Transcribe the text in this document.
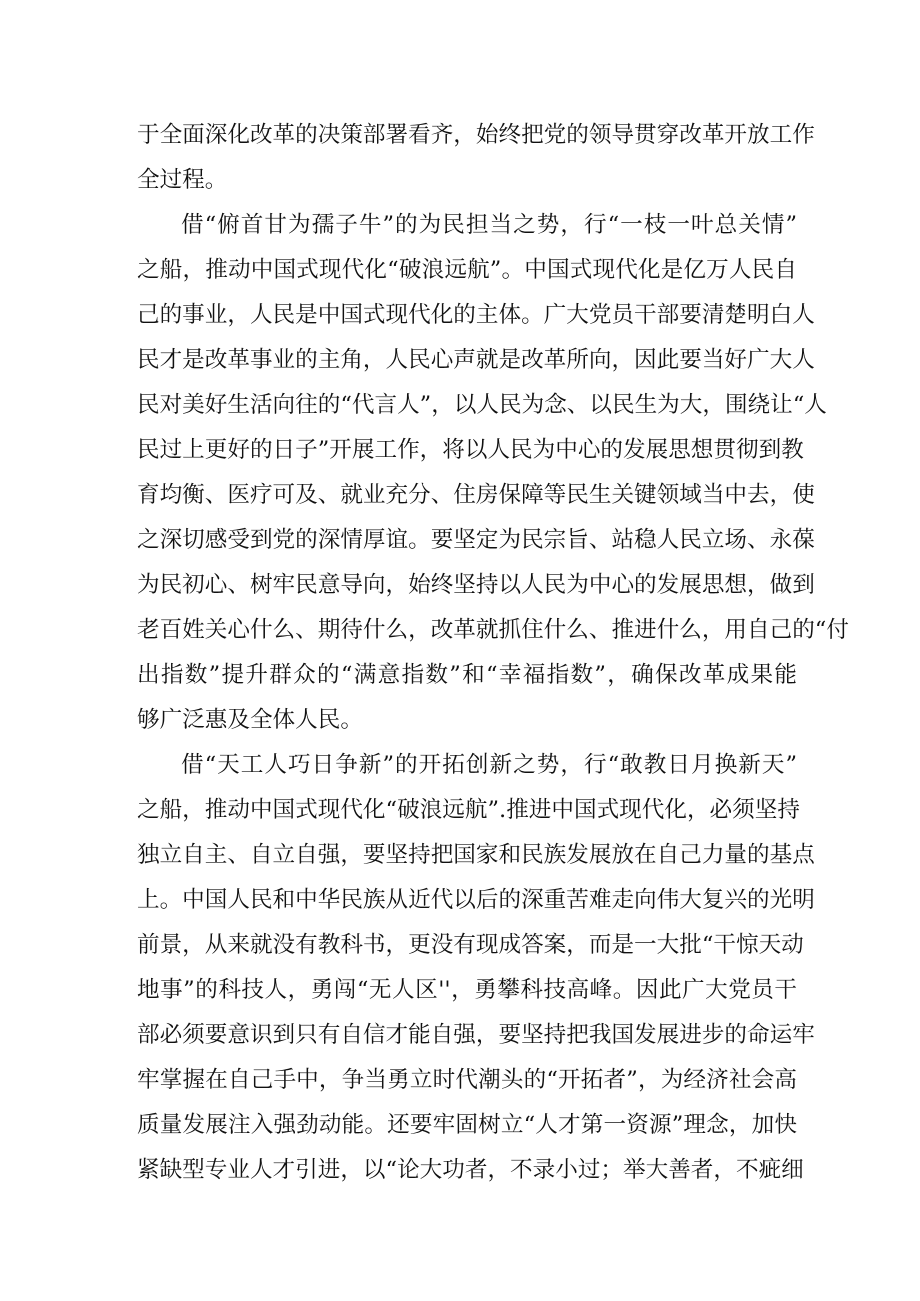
于全面深化改革的决策部署看齐，始终把党的领导贯穿改革开放工作
全过程。
借“俯首甘为孺子牛”的为民担当之势，行“一枝一叶总关情”
之船，推动中国式现代化“破浪远航”。中国式现代化是亿万人民自
己的事业，人民是中国式现代化的主体。广大党员干部要清楚明白人
民才是改革事业的主角，人民心声就是改革所向，因此要当好广大人
民对美好生活向往的“代言人”，以人民为念、以民生为大，围绕让“人
民过上更好的日子”开展工作，将以人民为中心的发展思想贯彻到教
育均衡、医疗可及、就业充分、住房保障等民生关键领域当中去，使
之深切感受到党的深情厚谊。要坚定为民宗旨、站稳人民立场、永葆
为民初心、树牢民意导向，始终坚持以人民为中心的发展思想，做到
老百姓关心什么、期待什么，改革就抓住什么、推进什么，用自己的“付
出指数”提升群众的“满意指数”和“幸福指数”，确保改革成果能
够广泛惠及全体人民。
借“天工人巧日争新”的开拓创新之势，行“敢教日月换新天”
之船，推动中国式现代化“破浪远航”.推进中国式现代化，必须坚持
独立自主、自立自强，要坚持把国家和民族发展放在自己力量的基点
上。中国人民和中华民族从近代以后的深重苦难走向伟大复兴的光明
前景，从来就没有教科书，更没有现成答案，而是一大批“干惊天动
地事”的科技人，勇闯“无人区''，勇攀科技高峰。因此广大党员干
部必须要意识到只有自信才能自强，要坚持把我国发展进步的命运牢
牢掌握在自己手中，争当勇立时代潮头的“开拓者”，为经济社会高
质量发展注入强劲动能。还要牢固树立“人才第一资源”理念，加快
紧缺型专业人才引进，以“论大功者，不录小过；举大善者，不疵细
